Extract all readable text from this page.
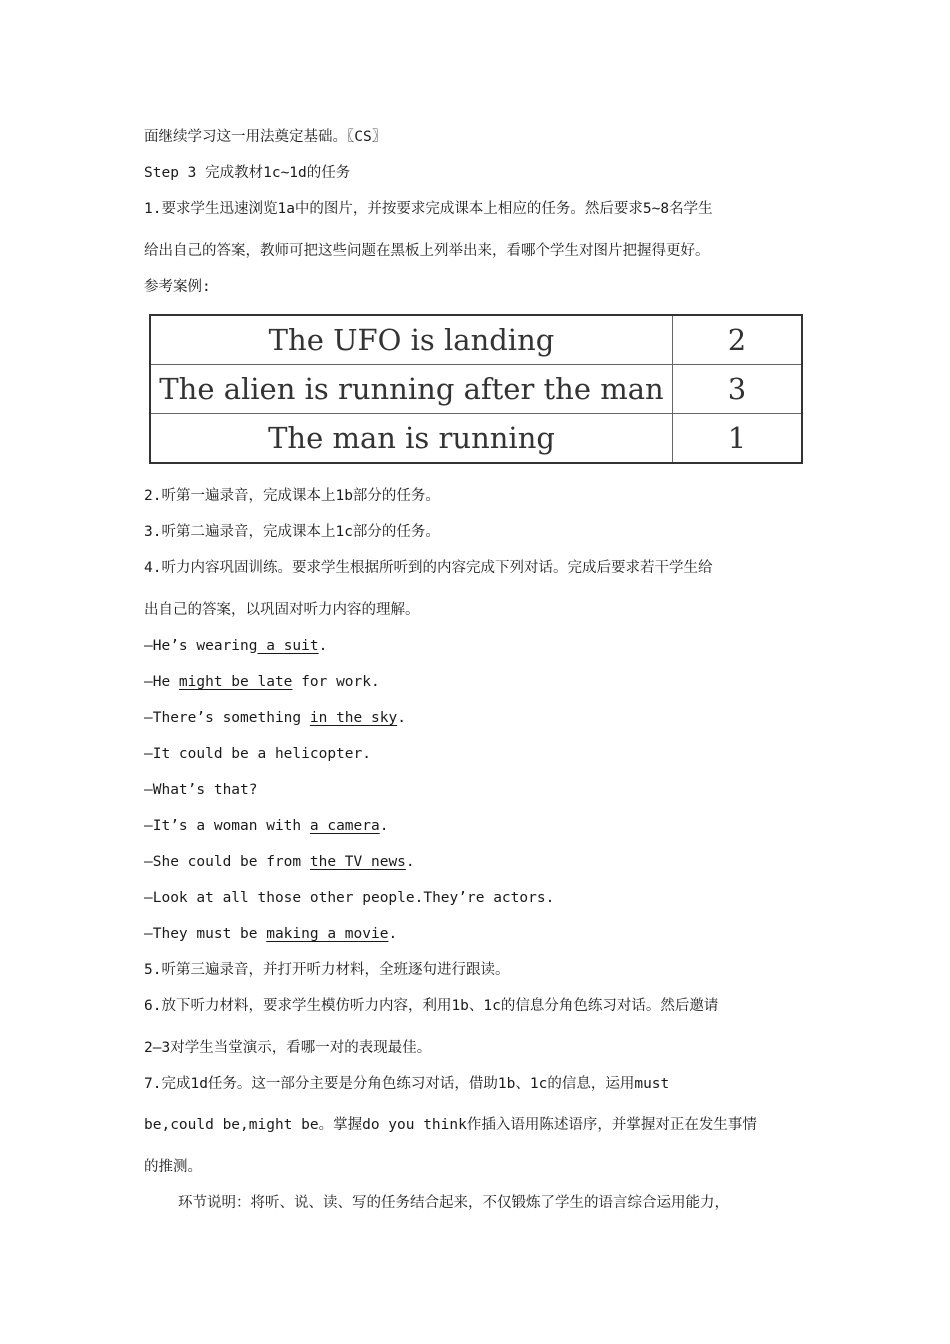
面继续学习这一用法奠定基础。〖CS〗
Step 3 完成教材1c~1d的任务
1.要求学生迅速浏览1a中的图片，并按要求完成课本上相应的任务。然后要求5~8名学生
给出自己的答案，教师可把这些问题在黑板上列举出来，看哪个学生对图片把握得更好。
参考案例:
The UFO is landing	2
The alien is running after the man	3
The man is running	1
2.听第一遍录音，完成课本上1b部分的任务。
3.听第二遍录音，完成课本上1c部分的任务。
4.听力内容巩固训练。要求学生根据所听到的内容完成下列对话。完成后要求若干学生给
出自己的答案，以巩固对听力内容的理解。
—He’s wearing a suit.
—He might be late for work.
—There’s something in the sky.
—It could be a helicopter.
—What’s that?
—It’s a woman with a camera.
—She could be from the TV news.
—Look at all those other people.They’re actors.
—They must be making a movie.
5.听第三遍录音，并打开听力材料，全班逐句进行跟读。
6.放下听力材料，要求学生模仿听力内容，利用1b、1c的信息分角色练习对话。然后邀请
2—3对学生当堂演示，看哪一对的表现最佳。
7.完成1d任务。这一部分主要是分角色练习对话，借助1b、1c的信息，运用must
be,could be,might be。掌握do you think作插入语用陈述语序，并掌握对正在发生事情
的推测。
环节说明：将听、说、读、写的任务结合起来，不仅锻炼了学生的语言综合运用能力，
